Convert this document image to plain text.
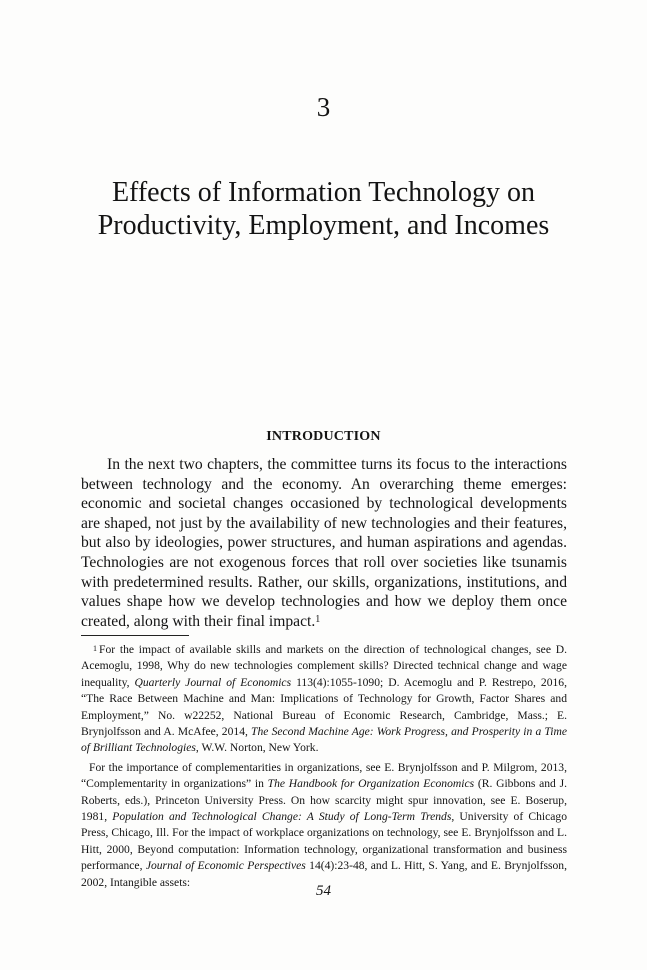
3
Effects of Information Technology on
Productivity, Employment, and Incomes
INTRODUCTION

In the next two chapters, the committee turns its focus to the interactions between technology and the economy. An overarching theme emerges: economic and societal changes occasioned by technological developments are shaped, not just by the availability of new technologies and their features, but also by ideologies, power structures, and human aspirations and agendas. Technologies are not exogenous forces that roll over societies like tsunamis with predetermined results. Rather, our skills, organizations, institutions, and values shape how we develop technologies and how we deploy them once created, along with their final impact.$^1$

$^1$ For the impact of available skills and markets on the direction of technological changes, see D. Acemoglu, 1998, Why do new technologies complement skills? Directed technical change and wage inequality, Quarterly Journal of Economics 113(4):1055-1090; D. Acemoglu and P. Restrepo, 2016, “The Race Between Machine and Man: Implications of Technology for Growth, Factor Shares and Employment,” No. w22252, National Bureau of Economic Research, Cambridge, Mass.; E. Brynjolfsson and A. McAfee, 2014, The Second Machine Age: Work Progress, and Prosperity in a Time of Brilliant Technologies, W.W. Norton, New York.

For the importance of complementarities in organizations, see E. Brynjolfsson and P. Milgrom, 2013, “Complementarity in organizations” in The Handbook for Organization Economics (R. Gibbons and J. Roberts, eds.), Princeton University Press. On how scarcity might spur innovation, see E. Boserup, 1981, Population and Technological Change: A Study of Long-Term Trends, University of Chicago Press, Chicago, Ill. For the impact of workplace organizations on technology, see E. Brynjolfsson and L. Hitt, 2000, Beyond computation: Information technology, organizational transformation and business performance, Journal of Economic Perspectives 14(4):23-48, and L. Hitt, S. Yang, and E. Brynjolfsson, 2002, Intangible assets:

54
